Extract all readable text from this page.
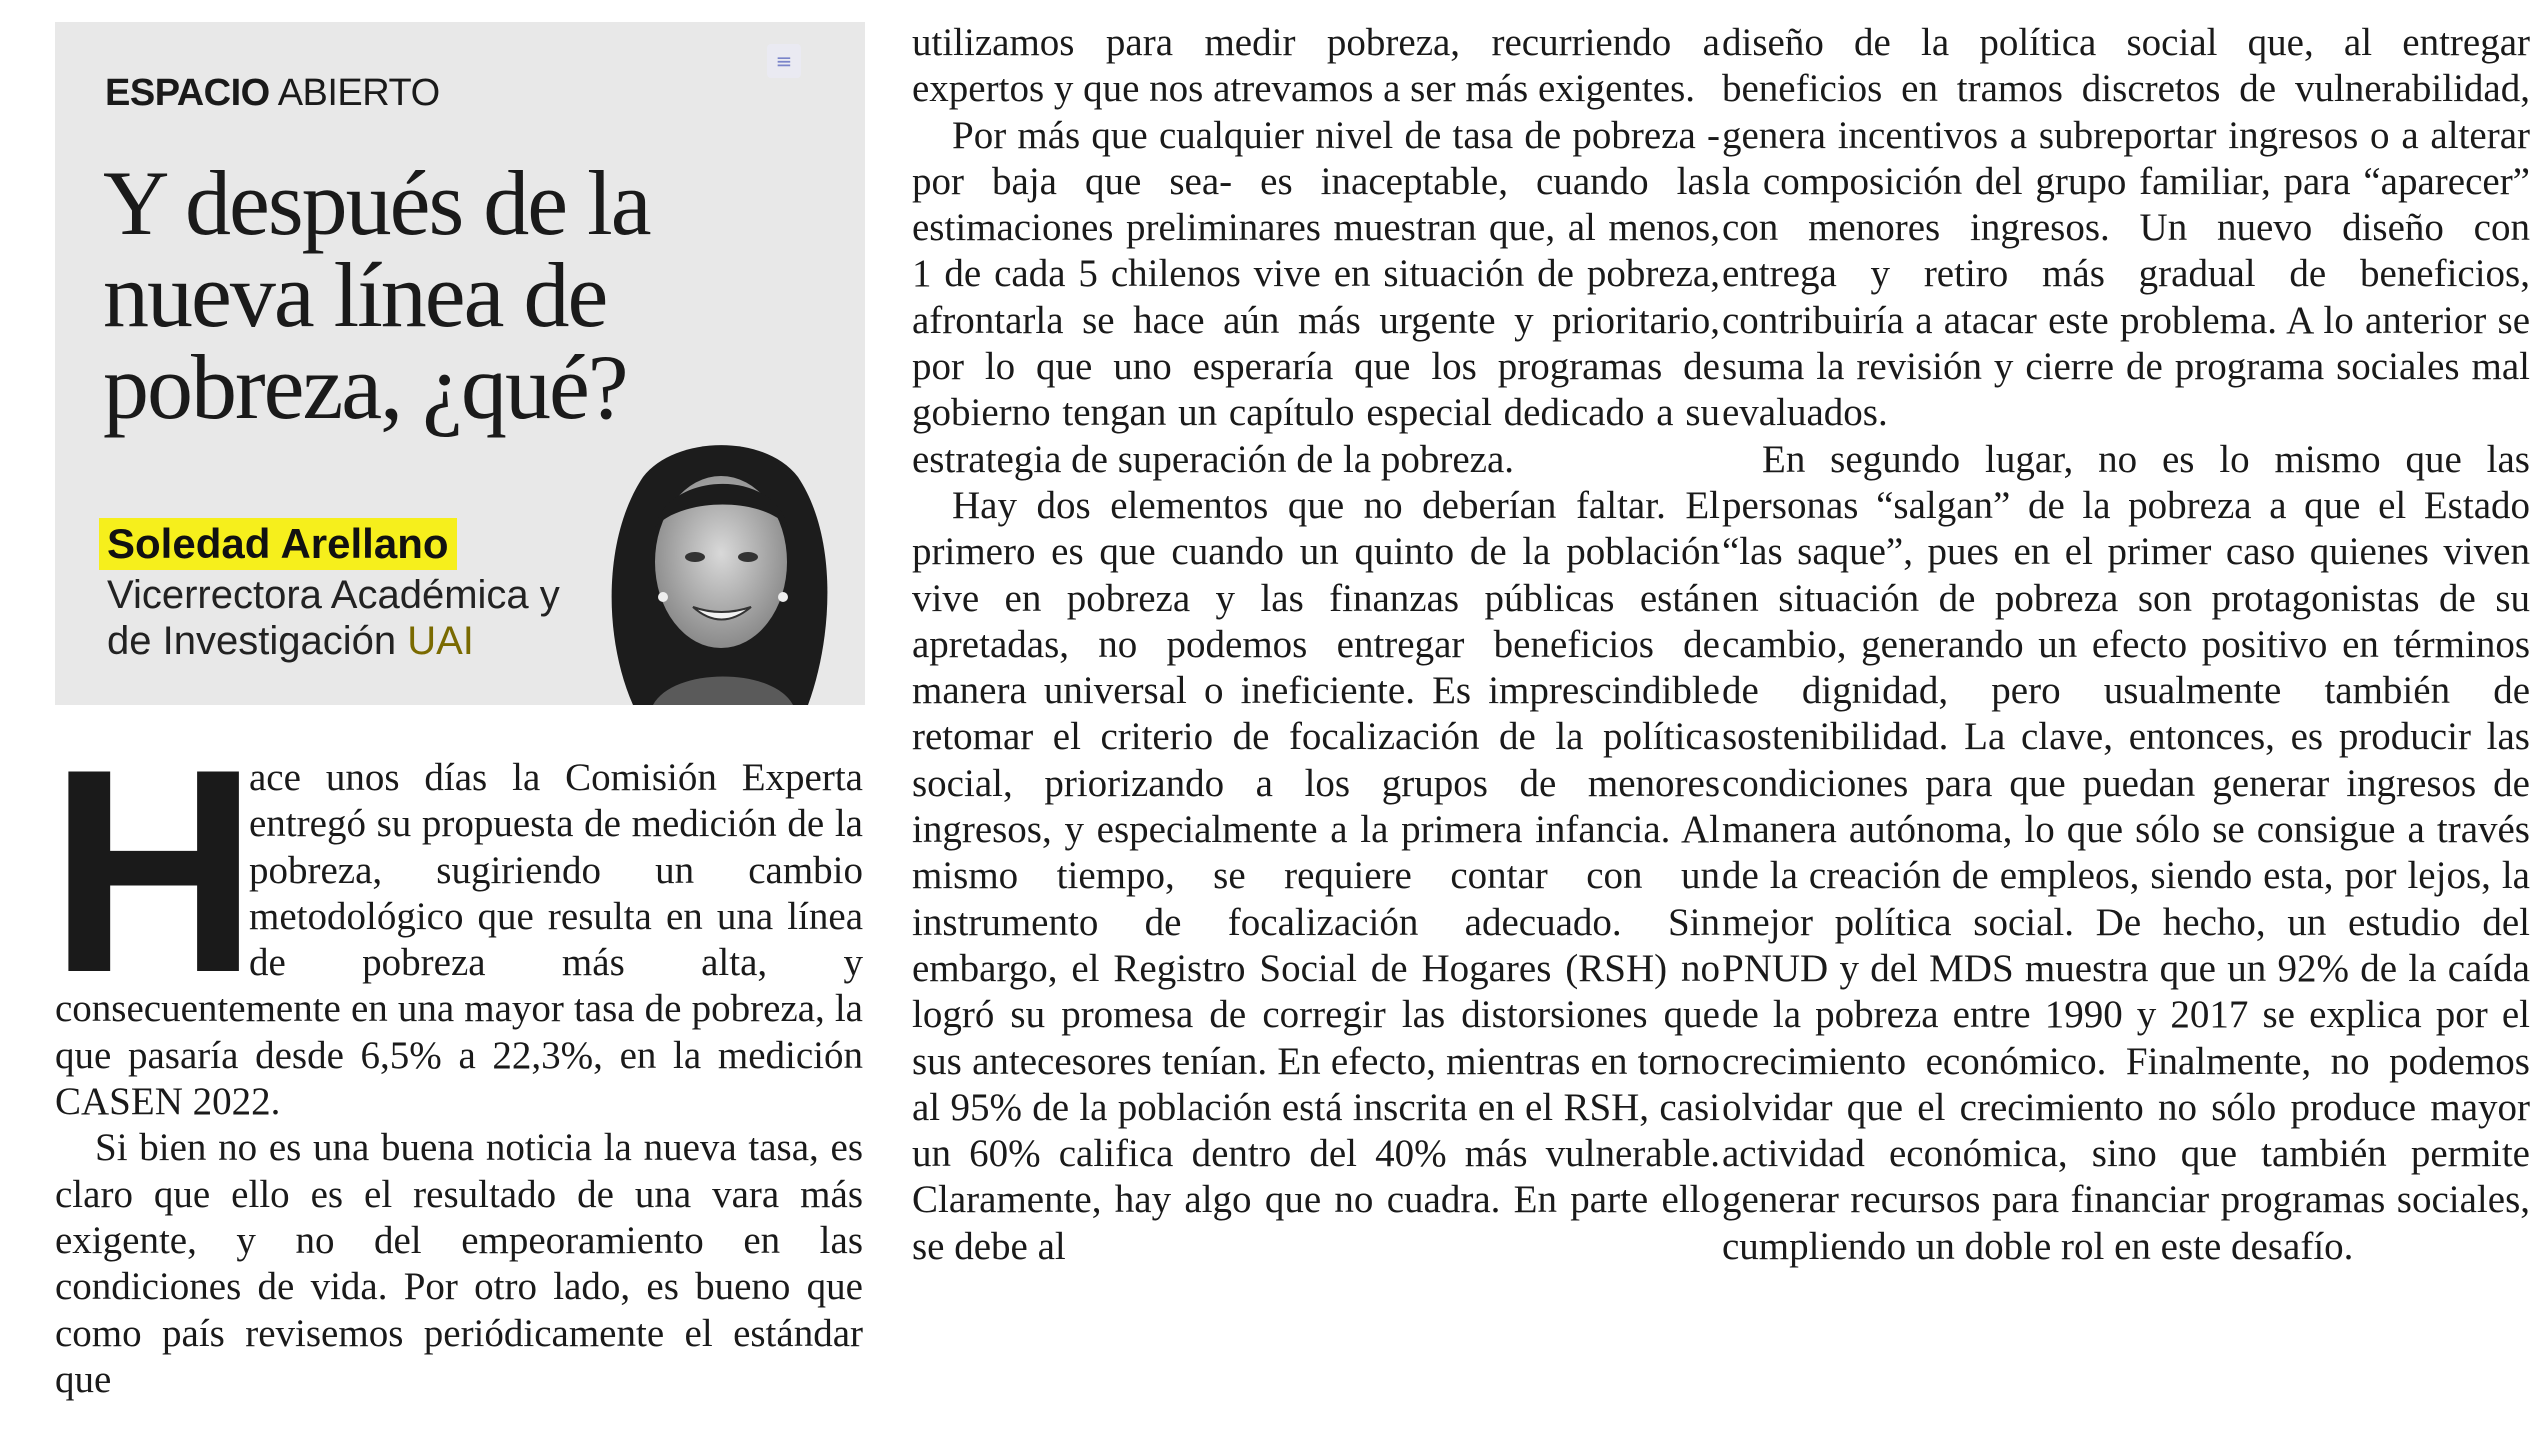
≡
ESPACIO ABIERTO
Y después de la nueva línea de pobreza, ¿qué?
Soledad Arellano
Vicerrectora Académica y
de Investigación UAI
H

ace unos días la Comisión Experta entregó su propuesta de medición de la pobreza, sugiriendo un cambio metodológico que resulta en una línea de pobreza más alta, y consecuentemente en una mayor tasa de pobreza, la que pasaría desde 6,5% a 22,3%, en la medición CASEN 2022.

Si bien no es una buena noticia la nueva tasa, es claro que ello es el resultado de una vara más exigente, y no del empeoramiento en las condiciones de vida. Por otro lado, es bueno que como país revisemos periódicamente el estándar que

utilizamos para medir pobreza, recurriendo a expertos y que nos atrevamos a ser más exigentes.

Por más que cualquier nivel de tasa de pobreza -por baja que sea- es inaceptable, cuando las estimaciones preliminares muestran que, al menos, 1 de cada 5 chilenos vive en situación de pobreza, afrontarla se hace aún más urgente y prioritario, por lo que uno esperaría que los programas de gobierno tengan un capítulo especial dedicado a su estrategia de superación de la pobreza.

Hay dos elementos que no deberían faltar. El primero es que cuando un quinto de la población vive en pobreza y las finanzas públicas están apretadas, no podemos entregar beneficios de manera universal o ineficiente. Es imprescindible retomar el criterio de focalización de la política social, priorizando a los grupos de menores ingresos, y especialmente a la primera infancia. Al mismo tiempo, se requiere contar con un instrumento de focalización adecuado. Sin embargo, el Registro Social de Hogares (RSH) no logró su promesa de corregir las distorsiones que sus antecesores tenían. En efecto, mientras en torno al 95% de la población está inscrita en el RSH, casi un 60% califica dentro del 40% más vulnerable. Claramente, hay algo que no cuadra. En parte ello se debe al

diseño de la política social que, al entregar beneficios en tramos discretos de vulnerabilidad, genera incentivos a subreportar ingresos o a alterar la composición del grupo familiar, para “aparecer” con menores ingresos. Un nuevo diseño con entrega y retiro más gradual de beneficios, contribuiría a atacar este problema. A lo anterior se suma la revisión y cierre de programa sociales mal evaluados.

En segundo lugar, no es lo mismo que las personas “salgan” de la pobreza a que el Estado “las saque”, pues en el primer caso quienes viven en situación de pobreza son protagonistas de su cambio, generando un efecto positivo en términos de dignidad, pero usualmente también de sostenibilidad. La clave, entonces, es producir las condiciones para que puedan generar ingresos de manera autónoma, lo que sólo se consigue a través de la creación de empleos, siendo esta, por lejos, la mejor política social. De hecho, un estudio del PNUD y del MDS muestra que un 92% de la caída de la pobreza entre 1990 y 2017 se explica por el crecimiento económico. Finalmente, no podemos olvidar que el crecimiento no sólo produce mayor actividad económica, sino que también permite generar recursos para financiar programas sociales, cumpliendo un doble rol en este desafío.
